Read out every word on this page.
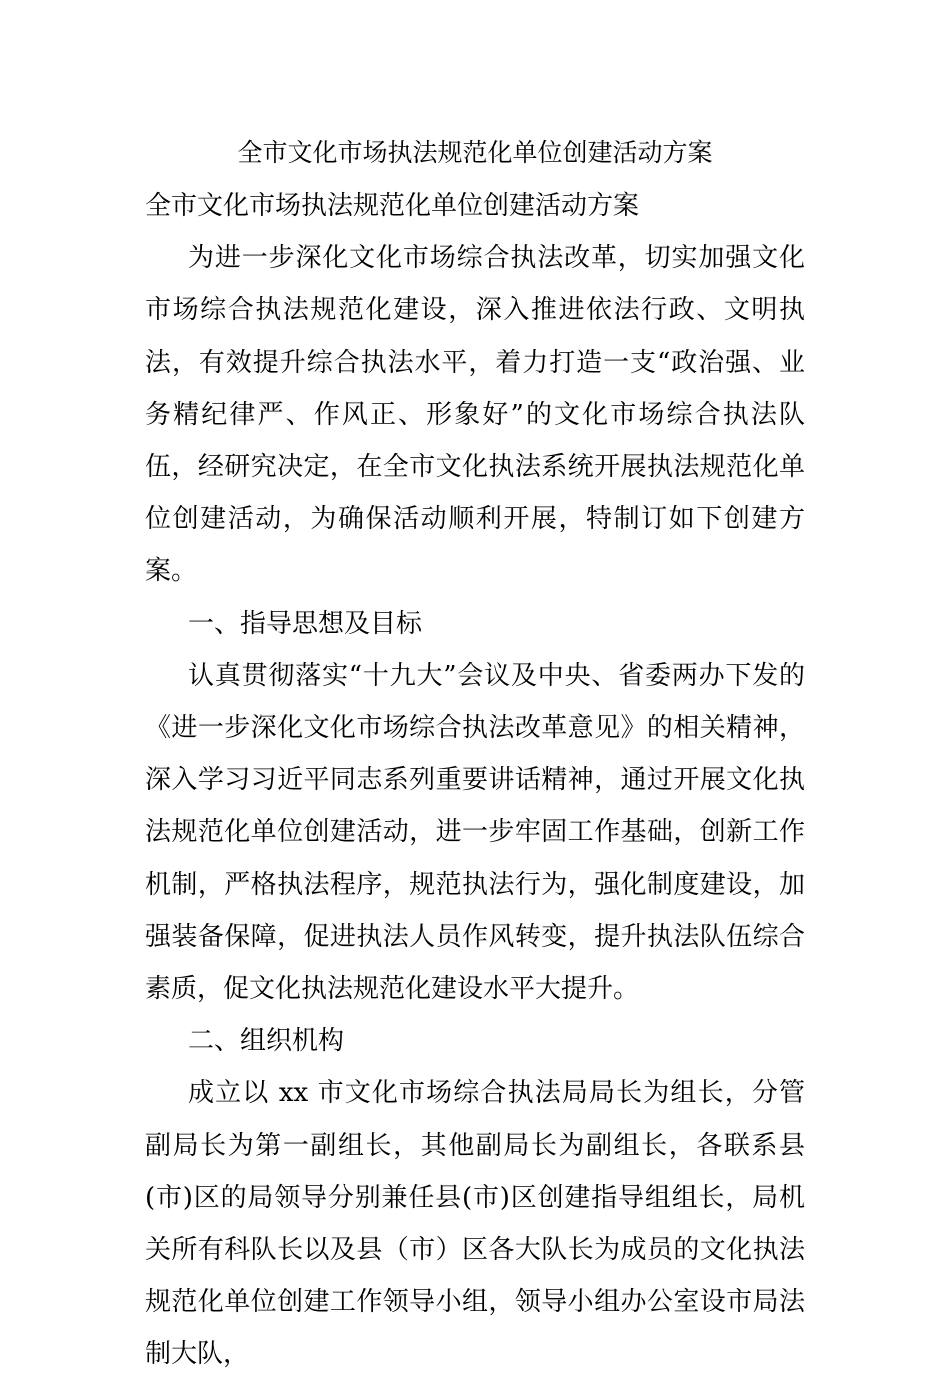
全市文化市场执法规范化单位创建活动方案

全市文化市场执法规范化单位创建活动方案

为进一步深化文化市场综合执法改革，切实加强文化市场综合执法规范化建设，深入推进依法行政、文明执法，有效提升综合执法水平，着力打造一支“政治强、业务精纪律严、作风正、形象好”的文化市场综合执法队伍，经研究决定，在全市文化执法系统开展执法规范化单位创建活动，为确保活动顺利开展，特制订如下创建方案。

一、指导思想及目标

认真贯彻落实“十九大”会议及中央、省委两办下发的《进一步深化文化市场综合执法改革意见》的相关精神，深入学习习近平同志系列重要讲话精神，通过开展文化执法规范化单位创建活动，进一步牢固工作基础，创新工作机制，严格执法程序，规范执法行为，强化制度建设，加强装备保障，促进执法人员作风转变，提升执法队伍综合素质，促文化执法规范化建设水平大提升。

二、组织机构

成立以 xx 市文化市场综合执法局局长为组长，分管副局长为第一副组长，其他副局长为副组长，各联系县(市)区的局领导分别兼任县(市)区创建指导组组长，局机关所有科队长以及县（市）区各大队长为成员的文化执法规范化单位创建工作领导小组，领导小组办公室设市局法制大队，
